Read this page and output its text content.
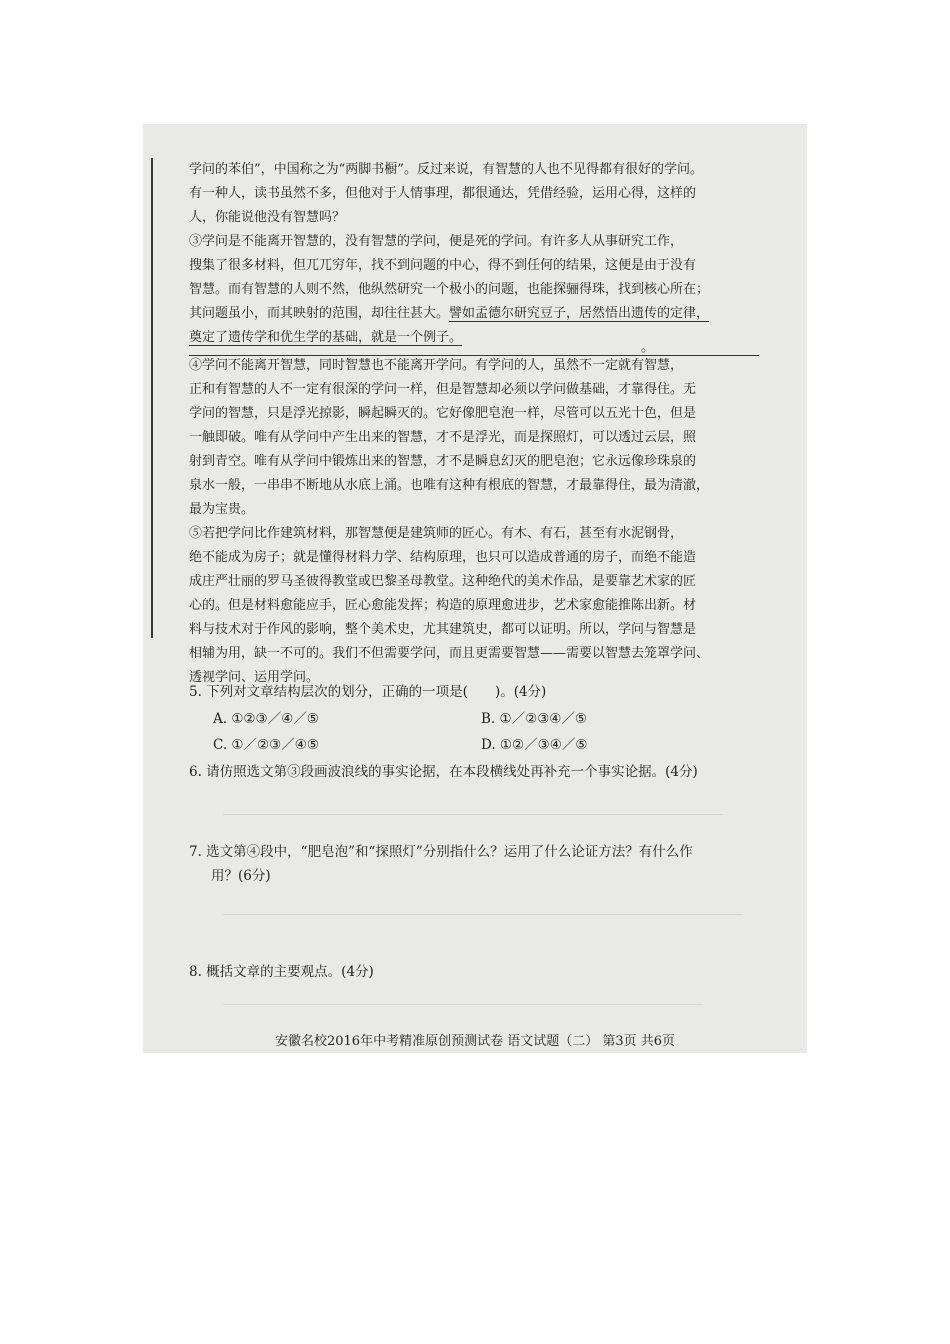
学问的苯伯”，中国称之为“两脚书橱”。反过来说，有智慧的人也不见得都有很好的学问。

有一种人，读书虽然不多，但他对于人情事理，都很通达，凭借经验，运用心得，这样的

人，你能说他没有智慧吗？

③学问是不能离开智慧的，没有智慧的学问，便是死的学问。有许多人从事研究工作，

搜集了很多材料，但兀兀穷年，找不到问题的中心，得不到任何的结果，这便是由于没有

智慧。而有智慧的人则不然，他纵然研究一个极小的问题，也能探骊得珠，找到核心所在；

其问题虽小，而其映射的范围，却往往甚大。譬如孟德尔研究豆子，居然悟出遗传的定律，

奠定了遗传学和优生学的基础，就是一个例子。

。

④学问不能离开智慧，同时智慧也不能离开学问。有学问的人，虽然不一定就有智慧，

正和有智慧的人不一定有很深的学问一样，但是智慧却必须以学问做基础，才靠得住。无

学问的智慧，只是浮光掠影，瞬起瞬灭的。它好像肥皂泡一样，尽管可以五光十色，但是

一触即破。唯有从学问中产生出来的智慧，才不是浮光，而是探照灯，可以透过云层，照

射到青空。唯有从学问中锻炼出来的智慧，才不是瞬息幻灭的肥皂泡；它永远像珍珠泉的

泉水一般，一串串不断地从水底上涌。也唯有这种有根底的智慧，才最靠得住，最为清澈，

最为宝贵。

⑤若把学问比作建筑材料，那智慧便是建筑师的匠心。有木、有石，甚至有水泥钢骨，

绝不能成为房子；就是懂得材料力学、结构原理，也只可以造成普通的房子，而绝不能造

成庄严壮丽的罗马圣彼得教堂或巴黎圣母教堂。这种绝代的美术作品，是要靠艺术家的匠

心的。但是材料愈能应手，匠心愈能发挥；构造的原理愈进步，艺术家愈能推陈出新。材

料与技术对于作风的影响，整个美术史，尤其建筑史，都可以证明。所以，学问与智慧是

相辅为用，缺一不可的。我们不但需要学问，而且更需要智慧——需要以智慧去笼罩学问、

透视学问、运用学问。

5. 下列对文章结构层次的划分，正确的一项是(　　)。(4分)
A. ①②③／④／⑤	B. ①／②③④／⑤
C. ①／②③／④⑤	D. ①②／③④／⑤
6. 请仿照选文第③段画波浪线的事实论据，在本段横线处再补充一个事实论据。(4分)
7. 选文第④段中，“肥皂泡”和“探照灯”分别指什么？运用了什么论证方法？有什么作
用？(6分)
8. 概括文章的主要观点。(4分)
安徽名校2016年中考精准原创预测试卷 语文试题（二） 第3页 共6页
